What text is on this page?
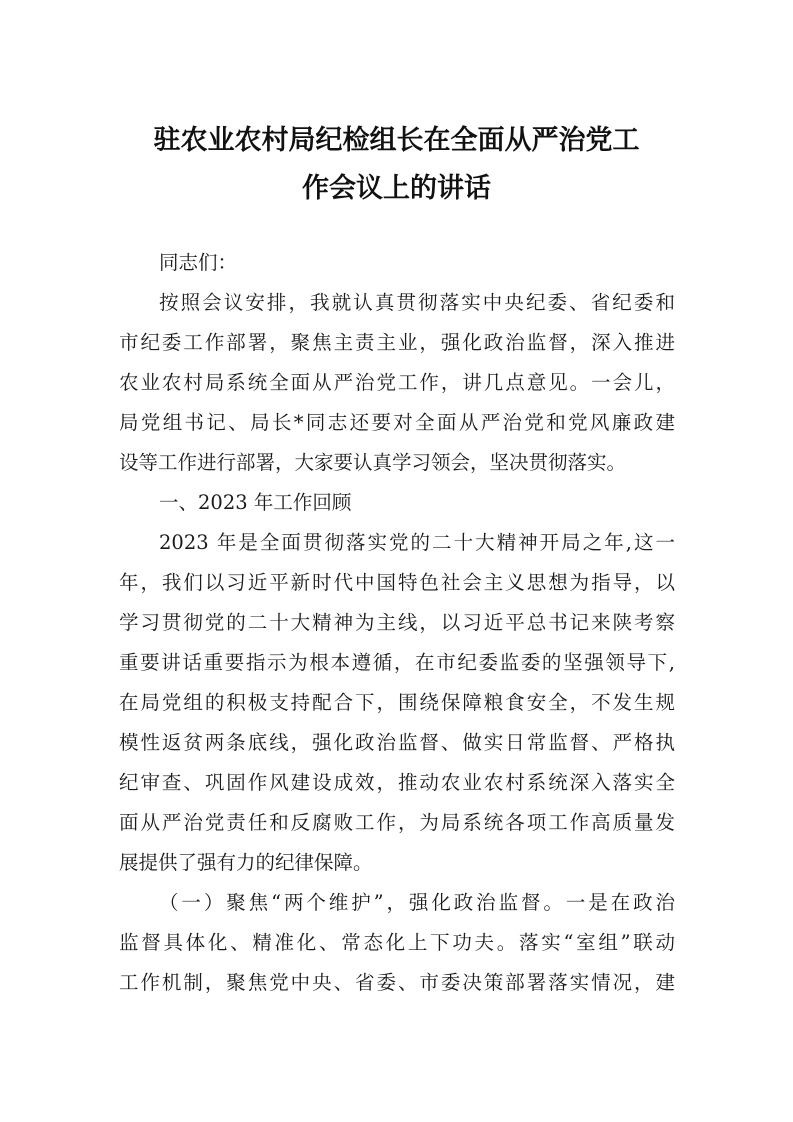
驻农业农村局纪检组长在全面从严治党工
作会议上的讲话
同志们：
按照会议安排，我就认真贯彻落实中央纪委、省纪委和
市纪委工作部署，聚焦主责主业，强化政治监督，深入推进
农业农村局系统全面从严治党工作，讲几点意见。一会儿，
局党组书记、局长*同志还要对全面从严治党和党风廉政建
设等工作进行部署，大家要认真学习领会，坚决贯彻落实。
一、2023 年工作回顾
2023 年是全面贯彻落实党的二十大精神开局之年,这一
年，我们以习近平新时代中国特色社会主义思想为指导，以
学习贯彻党的二十大精神为主线，以习近平总书记来陕考察
重要讲话重要指示为根本遵循，在市纪委监委的坚强领导下,
在局党组的积极支持配合下，围绕保障粮食安全，不发生规
模性返贫两条底线，强化政治监督、做实日常监督、严格执
纪审查、巩固作风建设成效，推动农业农村系统深入落实全
面从严治党责任和反腐败工作，为局系统各项工作高质量发
展提供了强有力的纪律保障。
（一）聚焦“两个维护”，强化政治监督。一是在政治
监督具体化、精准化、常态化上下功夫。落实“室组”联动
工作机制，聚焦党中央、省委、市委决策部署落实情况，建
